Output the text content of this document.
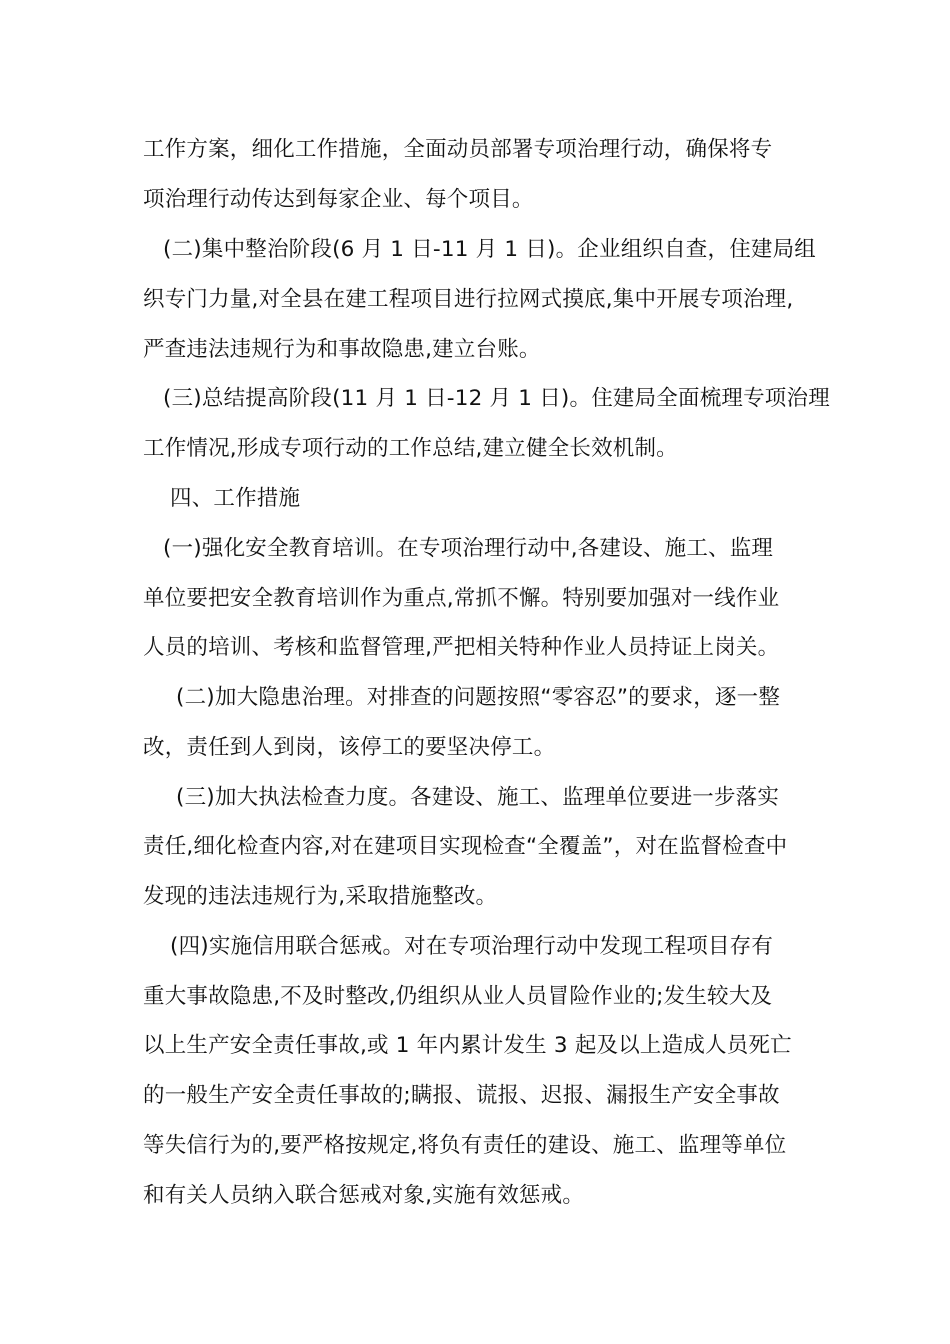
工作方案，细化工作措施，全面动员部署专项治理行动，确保将专
项治理行动传达到每家企业、每个项目。
(二)集中整治阶段(6 月 1 日-11 月 1 日)。企业组织自查，住建局组
织专门力量,对全县在建工程项目进行拉网式摸底,集中开展专项治理,
严查违法违规行为和事故隐患,建立台账。
(三)总结提高阶段(11 月 1 日-12 月 1 日)。住建局全面梳理专项治理
工作情况,形成专项行动的工作总结,建立健全长效机制。
四、工作措施
(一)强化安全教育培训。在专项治理行动中,各建设、施工、监理
单位要把安全教育培训作为重点,常抓不懈。特别要加强对一线作业
人员的培训、考核和监督管理,严把相关特种作业人员持证上岗关。
(二)加大隐患治理。对排查的问题按照“零容忍”的要求，逐一整
改，责任到人到岗，该停工的要坚决停工。
(三)加大执法检查力度。各建设、施工、监理单位要进一步落实
责任,细化检查内容,对在建项目实现检查“全覆盖”，对在监督检查中
发现的违法违规行为,采取措施整改。
(四)实施信用联合惩戒。对在专项治理行动中发现工程项目存有
重大事故隐患,不及时整改,仍组织从业人员冒险作业的;发生较大及
以上生产安全责任事故,或 1 年内累计发生 3 起及以上造成人员死亡
的一般生产安全责任事故的;瞒报、谎报、迟报、漏报生产安全事故
等失信行为的,要严格按规定,将负有责任的建设、施工、监理等单位
和有关人员纳入联合惩戒对象,实施有效惩戒。
